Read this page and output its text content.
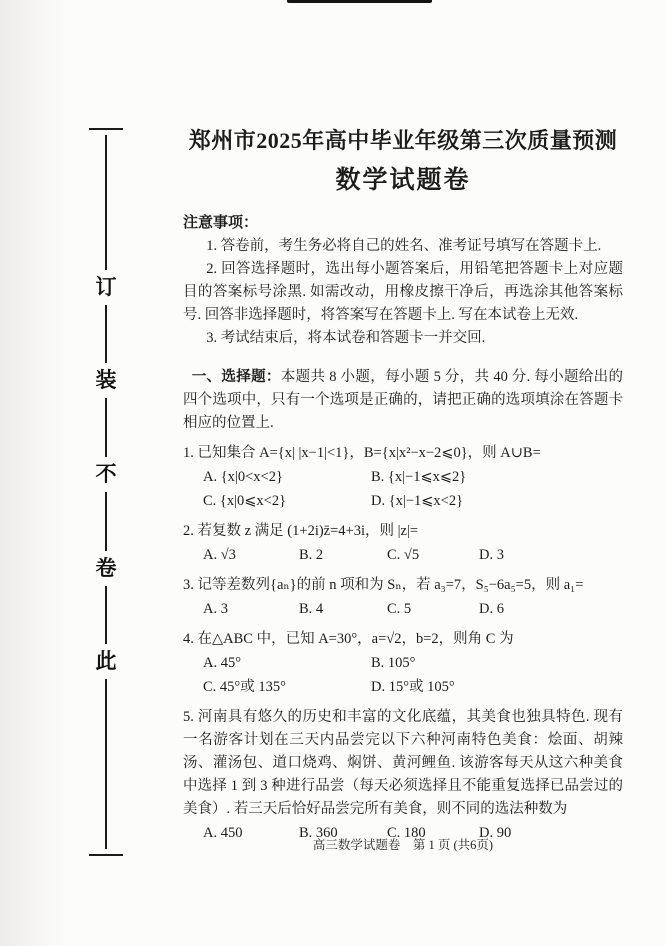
订
装
不
卷
此
郑州市2025年高中毕业年级第三次质量预测
数学试题卷

注意事项：

1. 答卷前，考生务必将自己的姓名、准考证号填写在答题卡上.

2. 回答选择题时，选出每小题答案后，用铅笔把答题卡上对应题目的答案标号涂黑. 如需改动，用橡皮擦干净后，再选涂其他答案标号. 回答非选择题时，将答案写在答题卡上. 写在本试卷上无效.

3. 考试结束后，将本试卷和答题卡一并交回.

一、选择题：本题共 8 小题，每小题 5 分，共 40 分. 每小题给出的四个选项中，只有一个选项是正确的，请把正确的选项填涂在答题卡相应的位置上.

1. 已知集合 A={x| |x−1|<1}，B={x|x²−x−2⩽0}，则 A∪B=

A. {x|0<x<2}	B. {x|−1⩽x⩽2}
C. {x|0⩽x<2}	D. {x|−1⩽x<2}

2. 若复数 z 满足 (1+2i)z̄=4+3i，则 |z|=

A. √3	B. 2	C. √5	D. 3

3. 记等差数列{aₙ}的前 n 项和为 Sₙ，若 a₃=7，S₅−6a₅=5，则 a₁=

A. 3	B. 4	C. 5	D. 6

4. 在△ABC 中，已知 A=30°，a=√2，b=2，则角 C 为

A. 45°	B. 105°
C. 45°或 135°	D. 15°或 105°

5. 河南具有悠久的历史和丰富的文化底蕴，其美食也独具特色. 现有一名游客计划在三天内品尝完以下六种河南特色美食：烩面、胡辣汤、灌汤包、道口烧鸡、焖饼、黄河鲤鱼. 该游客每天从这六种美食中选择 1 到 3 种进行品尝（每天必须选择且不能重复选择已品尝过的美食）. 若三天后恰好品尝完所有美食，则不同的选法种数为

A. 450	B. 360	C. 180	D. 90
高三数学试题卷　第 1 页 (共6页)
